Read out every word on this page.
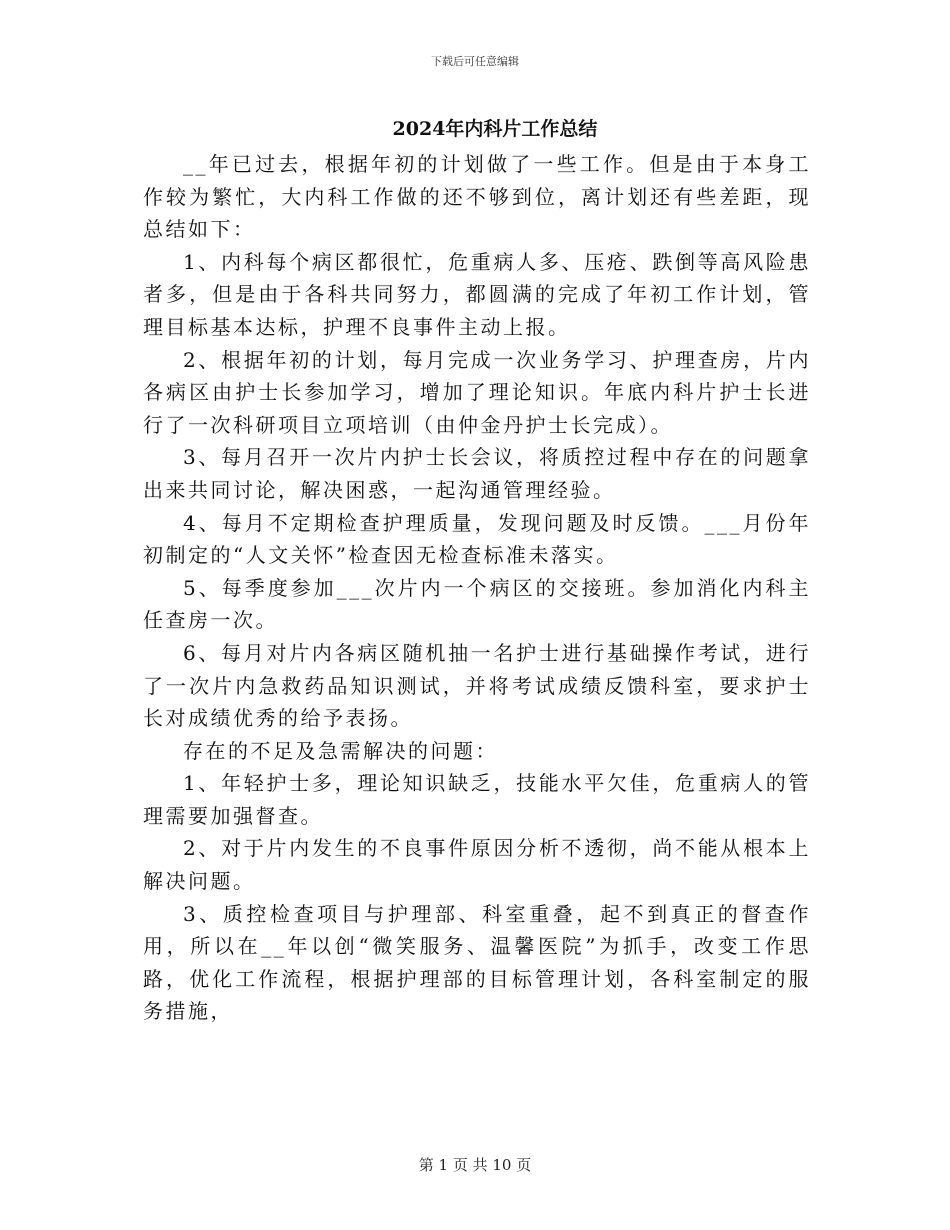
下载后可任意编辑
2024年内科片工作总结

__年已过去，根据年初的计划做了一些工作。但是由于本身工作较为繁忙，大内科工作做的还不够到位，离计划还有些差距，现总结如下：

1、内科每个病区都很忙，危重病人多、压疮、跌倒等高风险患者多，但是由于各科共同努力，都圆满的完成了年初工作计划，管理目标基本达标，护理不良事件主动上报。

2、根据年初的计划，每月完成一次业务学习、护理查房，片内各病区由护士长参加学习，增加了理论知识。年底内科片护士长进行了一次科研项目立项培训（由仲金丹护士长完成）。

3、每月召开一次片内护士长会议，将质控过程中存在的问题拿出来共同讨论，解决困惑，一起沟通管理经验。

4、每月不定期检查护理质量，发现问题及时反馈。___月份年初制定的“人文关怀”检查因无检查标准未落实。

5、每季度参加___次片内一个病区的交接班。参加消化内科主任查房一次。

6、每月对片内各病区随机抽一名护士进行基础操作考试，进行了一次片内急救药品知识测试，并将考试成绩反馈科室，要求护士长对成绩优秀的给予表扬。

存在的不足及急需解决的问题：

1、年轻护士多，理论知识缺乏，技能水平欠佳，危重病人的管理需要加强督查。

2、对于片内发生的不良事件原因分析不透彻，尚不能从根本上解决问题。

3、质控检查项目与护理部、科室重叠，起不到真正的督查作用，所以在__年以创“微笑服务、温馨医院”为抓手，改变工作思路，优化工作流程，根据护理部的目标管理计划，各科室制定的服务措施，

第 1 页 共 10 页
